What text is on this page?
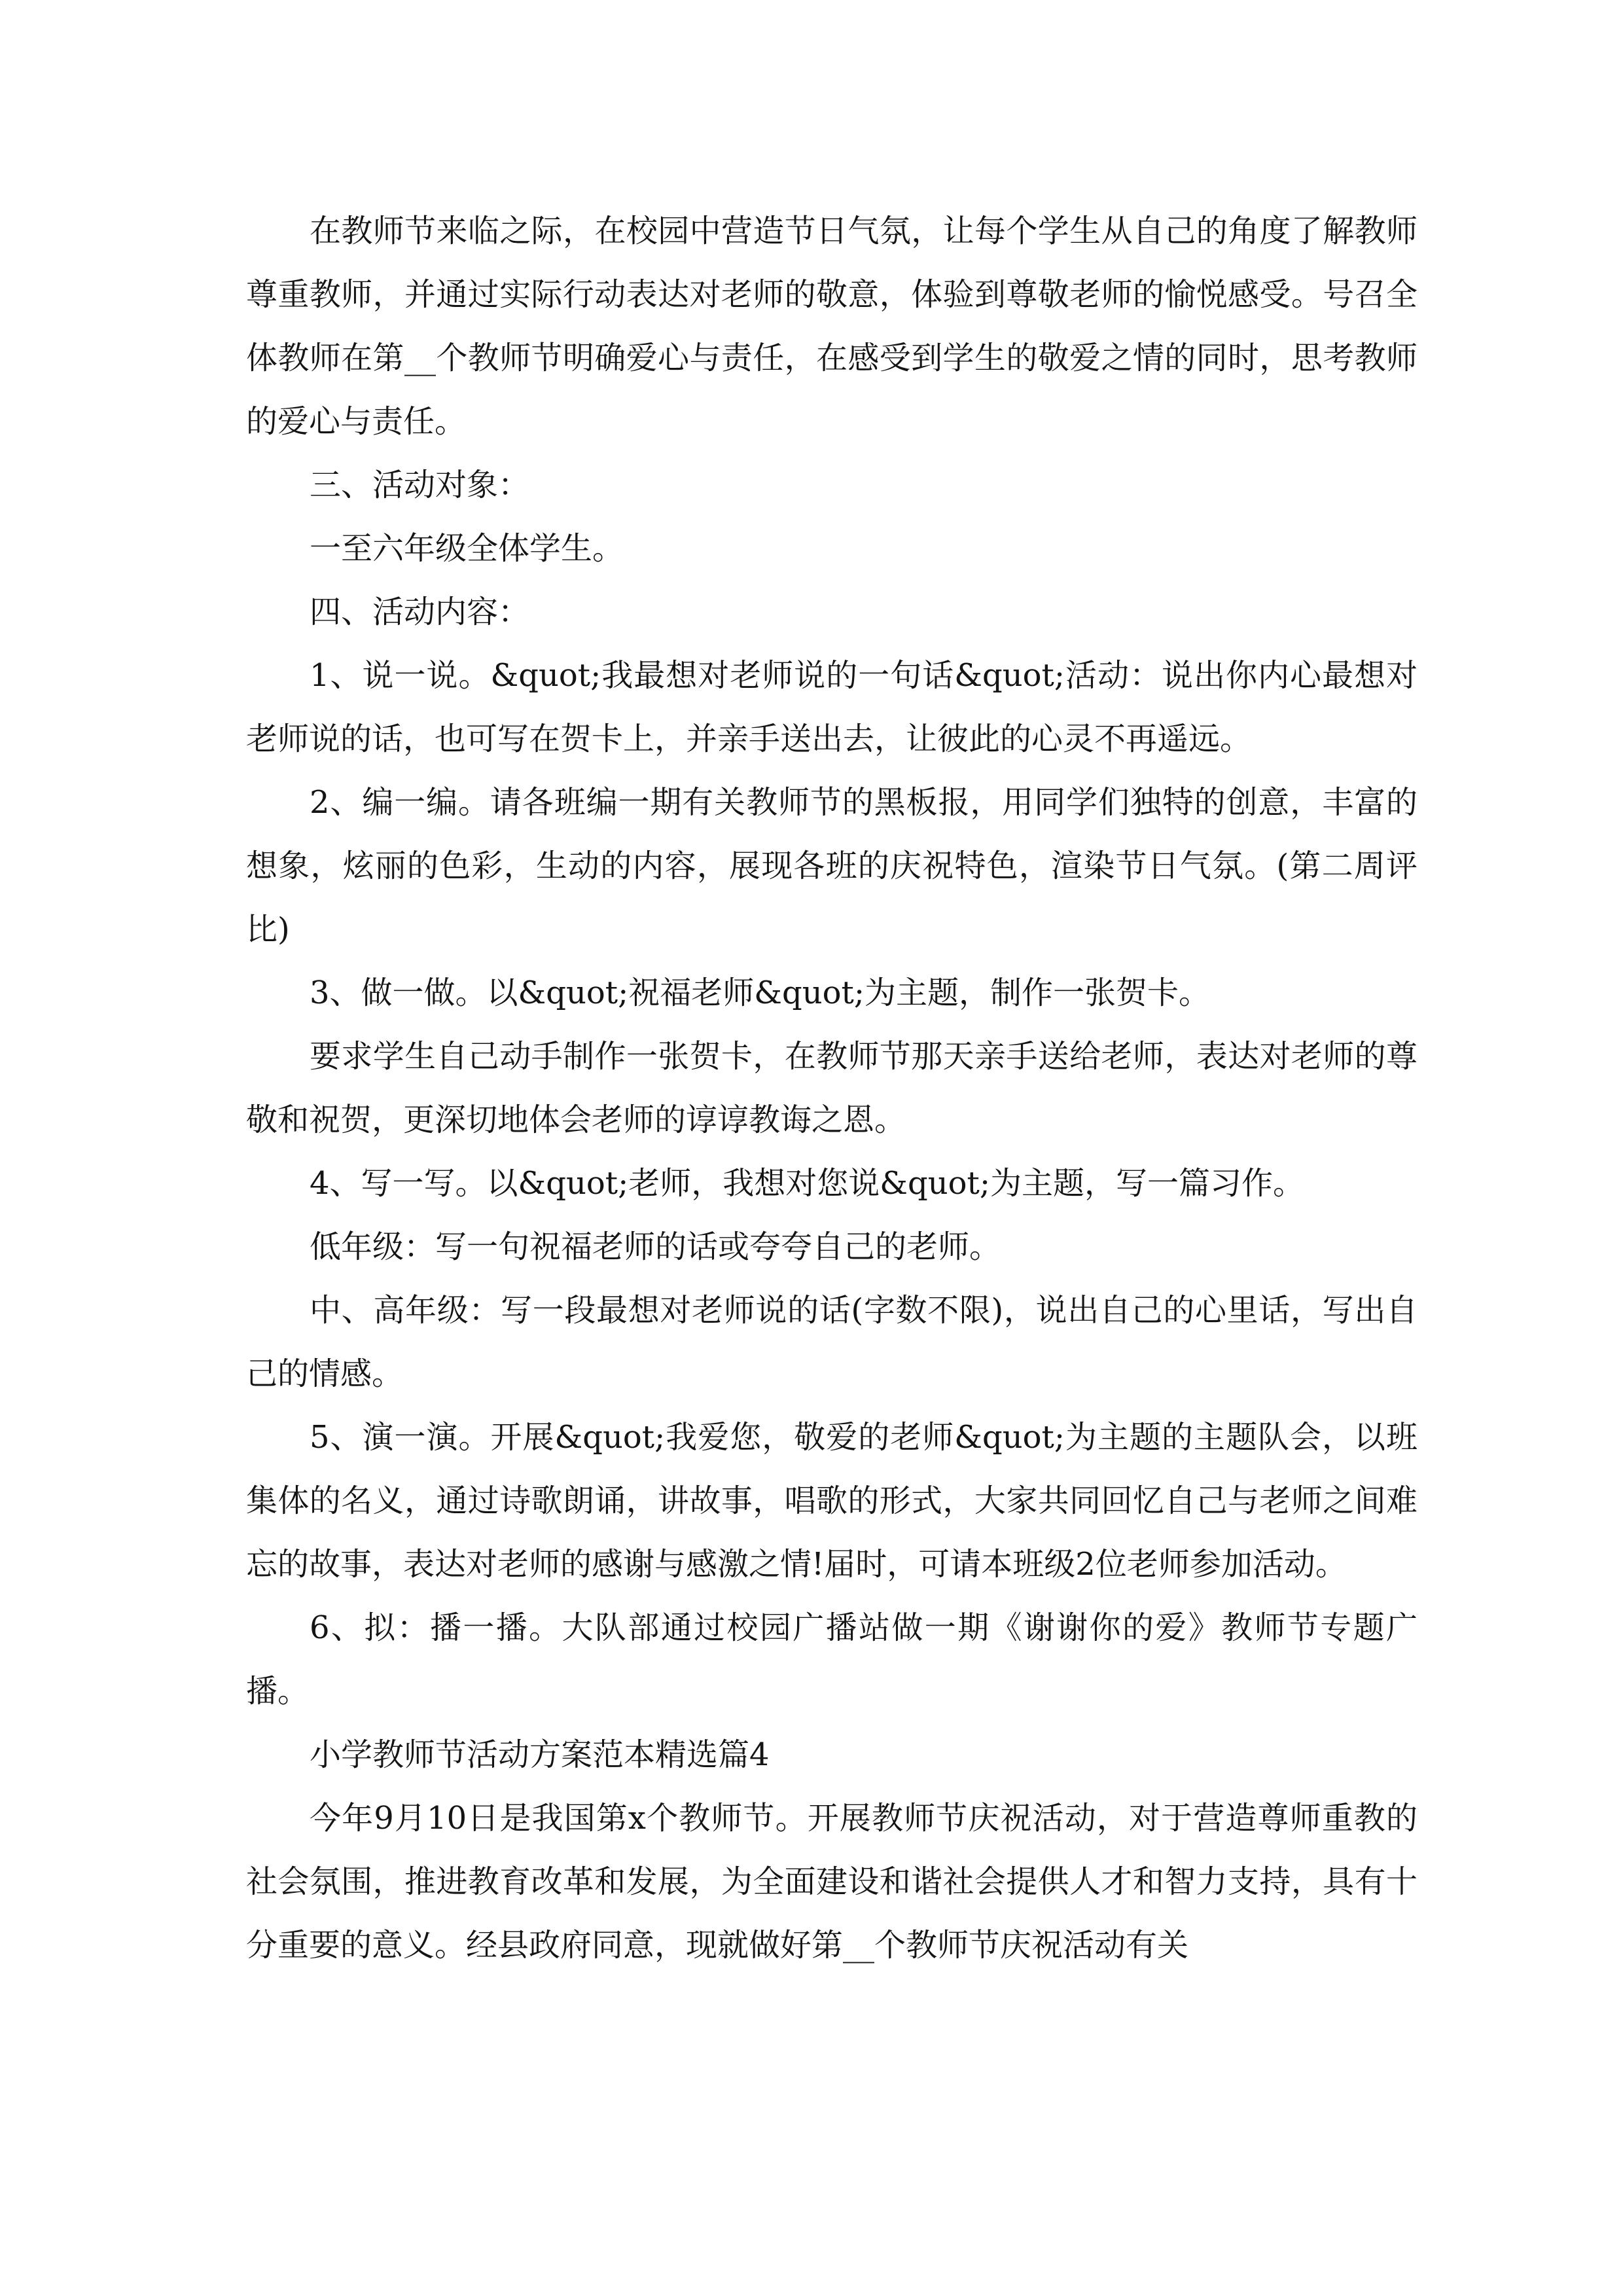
在教师节来临之际，在校园中营造节日气氛，让每个学生从自己的角度了解教师尊重教师，并通过实际行动表达对老师的敬意，体验到尊敬老师的愉悦感受。号召全体教师在第__个教师节明确爱心与责任，在感受到学生的敬爱之情的同时，思考教师的爱心与责任。

三、活动对象：

一至六年级全体学生。

四、活动内容：

1、说一说。&quot;我最想对老师说的一句话&quot;活动：说出你内心最想对老师说的话，也可写在贺卡上，并亲手送出去，让彼此的心灵不再遥远。

2、编一编。请各班编一期有关教师节的黑板报，用同学们独特的创意，丰富的想象，炫丽的色彩，生动的内容，展现各班的庆祝特色，渲染节日气氛。(第二周评比)

3、做一做。以&quot;祝福老师&quot;为主题，制作一张贺卡。

要求学生自己动手制作一张贺卡，在教师节那天亲手送给老师，表达对老师的尊敬和祝贺，更深切地体会老师的谆谆教诲之恩。

4、写一写。以&quot;老师，我想对您说&quot;为主题，写一篇习作。

低年级：写一句祝福老师的话或夸夸自己的老师。

中、高年级：写一段最想对老师说的话(字数不限)，说出自己的心里话，写出自己的情感。

5、演一演。开展&quot;我爱您，敬爱的老师&quot;为主题的主题队会，以班集体的名义，通过诗歌朗诵，讲故事，唱歌的形式，大家共同回忆自己与老师之间难忘的故事，表达对老师的感谢与感激之情!届时，可请本班级2位老师参加活动。

6、拟：播一播。大队部通过校园广播站做一期《谢谢你的爱》教师节专题广播。

小学教师节活动方案范本精选篇4

今年9月10日是我国第x个教师节。开展教师节庆祝活动，对于营造尊师重教的社会氛围，推进教育改革和发展，为全面建设和谐社会提供人才和智力支持，具有十分重要的意义。经县政府同意，现就做好第__个教师节庆祝活动有关
